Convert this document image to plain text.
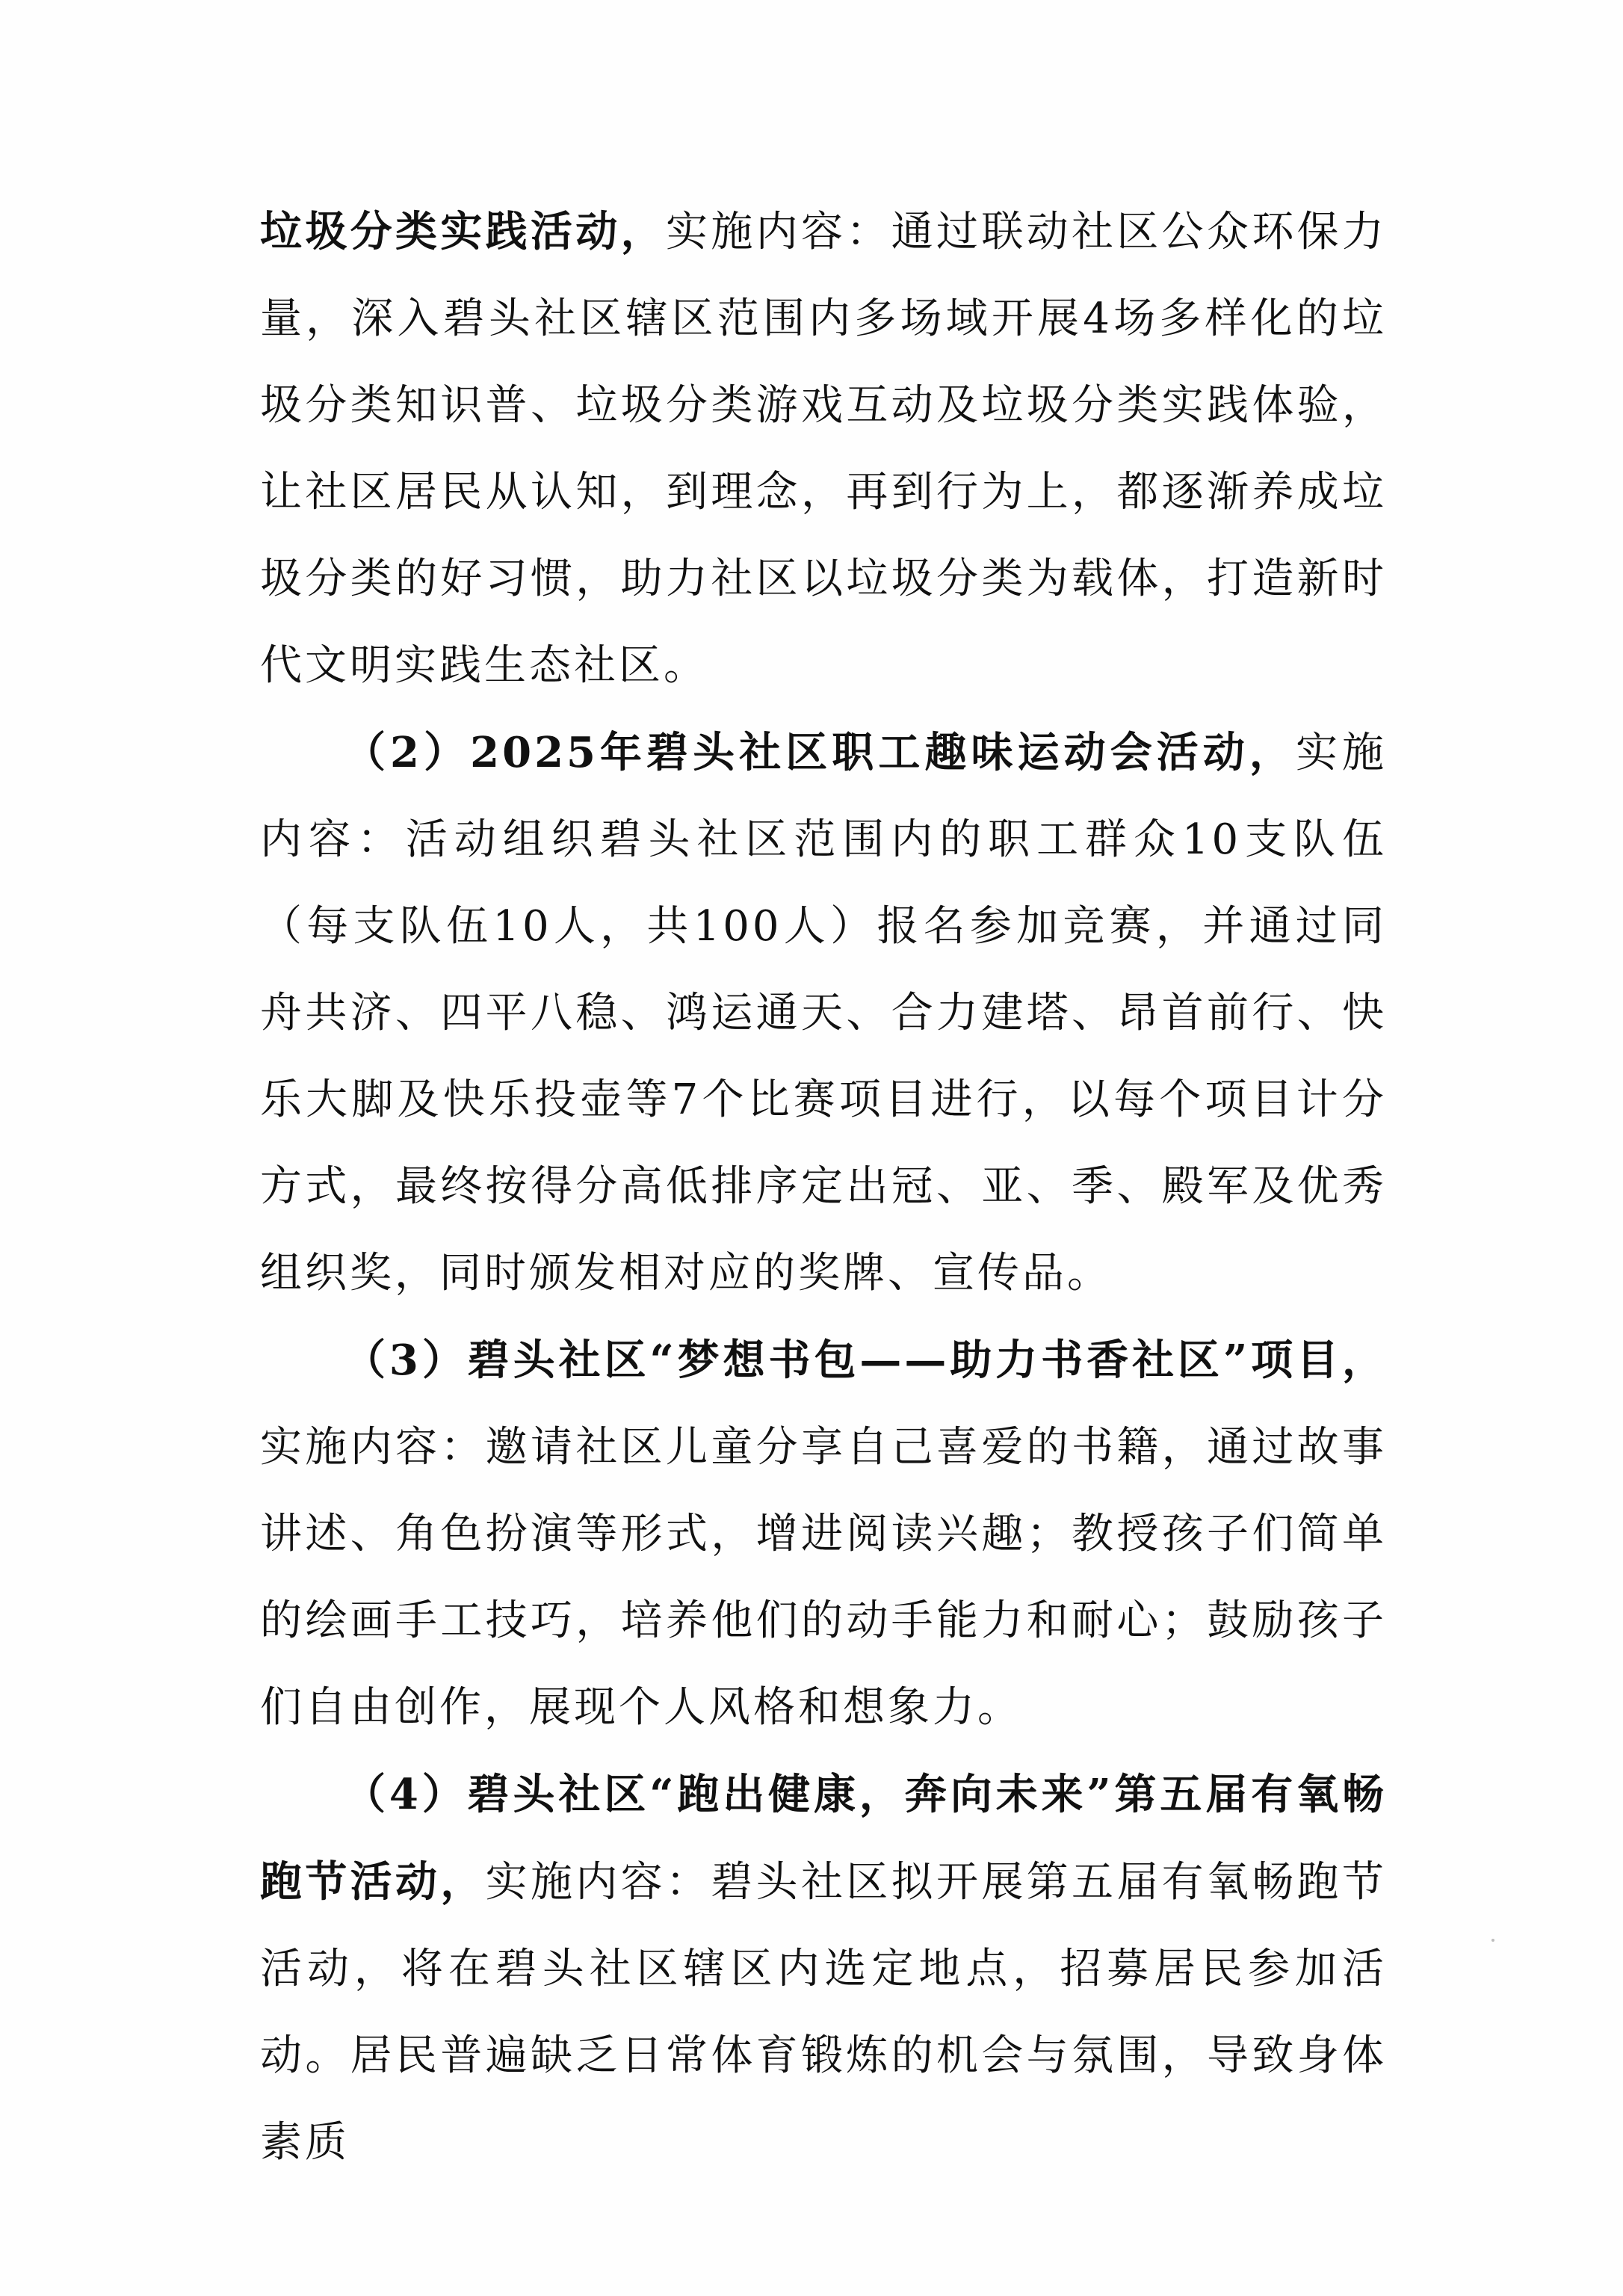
垃圾分类实践活动，实施内容：通过联动社区公众环保力量，深入碧头社区辖区范围内多场域开展4场多样化的垃圾分类知识普、垃圾分类游戏互动及垃圾分类实践体验，让社区居民从认知，到理念，再到行为上，都逐渐养成垃圾分类的好习惯，助力社区以垃圾分类为载体，打造新时代文明实践生态社区。

（2）2025年碧头社区职工趣味运动会活动，实施内容：活动组织碧头社区范围内的职工群众10支队伍（每支队伍10人，共100人）报名参加竞赛，并通过同舟共济、四平八稳、鸿运通天、合力建塔、昂首前行、快乐大脚及快乐投壶等7个比赛项目进行，以每个项目计分方式，最终按得分高低排序定出冠、亚、季、殿军及优秀组织奖，同时颁发相对应的奖牌、宣传品。

（3）碧头社区“梦想书包——助力书香社区”项目，实施内容：邀请社区儿童分享自己喜爱的书籍，通过故事讲述、角色扮演等形式，增进阅读兴趣；教授孩子们简单的绘画手工技巧，培养他们的动手能力和耐心；鼓励孩子们自由创作，展现个人风格和想象力。

（4）碧头社区“跑出健康，奔向未来”第五届有氧畅跑节活动，实施内容：碧头社区拟开展第五届有氧畅跑节活动，将在碧头社区辖区内选定地点，招募居民参加活动。居民普遍缺乏日常体育锻炼的机会与氛围，导致身体素质
